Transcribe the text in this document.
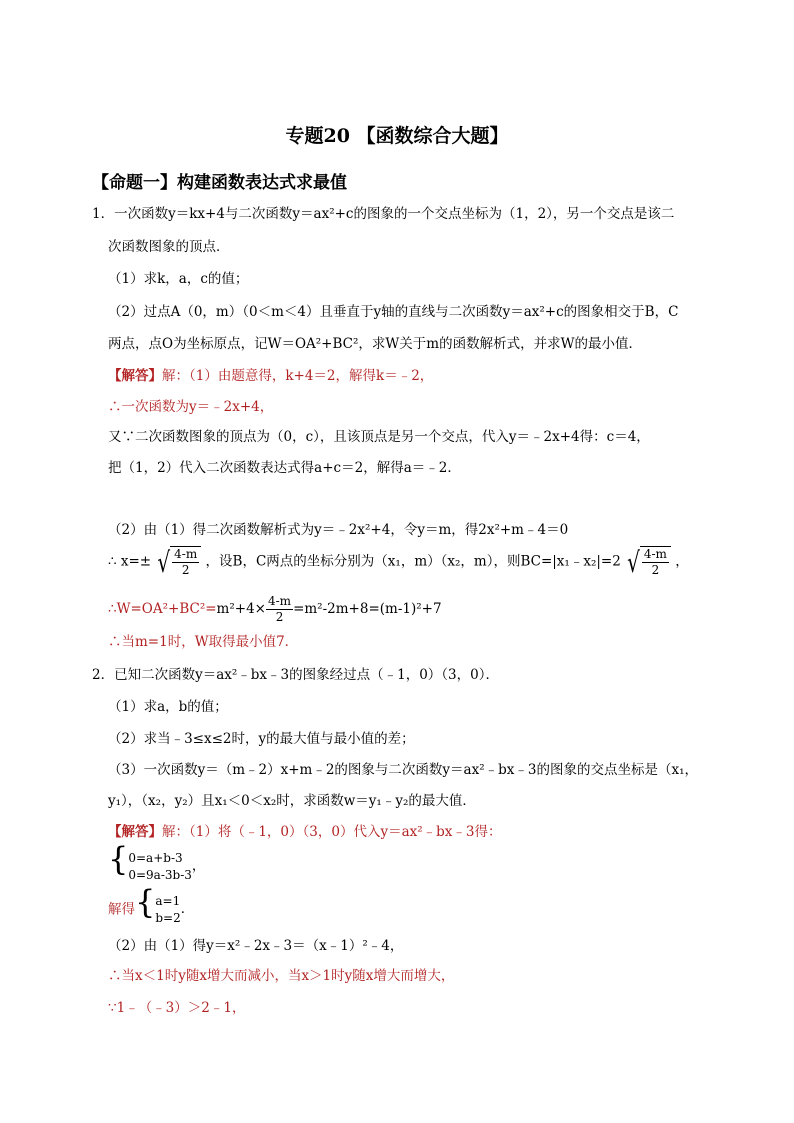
专题20 【函数综合大题】
【命题一】构建函数表达式求最值
1．一次函数y＝kx+4与二次函数y＝ax²+c的图象的一个交点坐标为（1，2），另一个交点是该二
次函数图象的顶点．
（1）求k，a，c的值；
（2）过点A（0，m）（0＜m＜4）且垂直于y轴的直线与二次函数y＝ax²+c的图象相交于B，C
两点，点O为坐标原点，记W＝OA²+BC²，求W关于m的函数解析式，并求W的最小值．
【解答】解：（1）由题意得，k+4＝2，解得k＝﹣2，
∴一次函数为y＝﹣2x+4，
又∵二次函数图象的顶点为（0，c），且该顶点是另一个交点，代入y＝﹣2x+4得：c＝4，
把（1，2）代入二次函数表达式得a+c＝2，解得a＝﹣2．
（2）由（1）得二次函数解析式为y＝﹣2x²+4，令y＝m，得2x²+m﹣4＝0
∴ x=± √ $\frac{4-m}{2}$ ，设B，C两点的坐标分别为（x₁，m）（x₂，m），则BC=|x₁﹣x₂|=2 √ $\frac{4-m}{2}$ ，
∴W=OA²+BC²=m²+4× $\frac{4-m}{2} =m^2-2m+8=(m-1)^2+7$
∴当m=1时，W取得最小值7．
2．已知二次函数y＝ax²﹣bx﹣3的图象经过点（﹣1，0）（3，0）．
（1）求a，b的值；
（2）求当﹣3≤x≤2时，y的最大值与最小值的差；
（3）一次函数y＝（m﹣2）x+m﹣2的图象与二次函数y＝ax²﹣bx﹣3的图象的交点坐标是（x₁，
y₁），（x₂，y₂）且x₁＜0＜x₂时，求函数w＝y₁﹣y₂的最大值．
【解答】解：（1）将（﹣1，0）（3，0）代入y＝ax²﹣bx﹣3得：
{ 0=a+b-3
0=9a-3b-3
，
解得{ a=1
b=2
．
（2）由（1）得y＝x²﹣2x﹣3＝（x﹣1）²﹣4，
∴当x＜1时y随x增大而减小，当x＞1时y随x增大而增大，
∵1﹣（﹣3）＞2﹣1，
